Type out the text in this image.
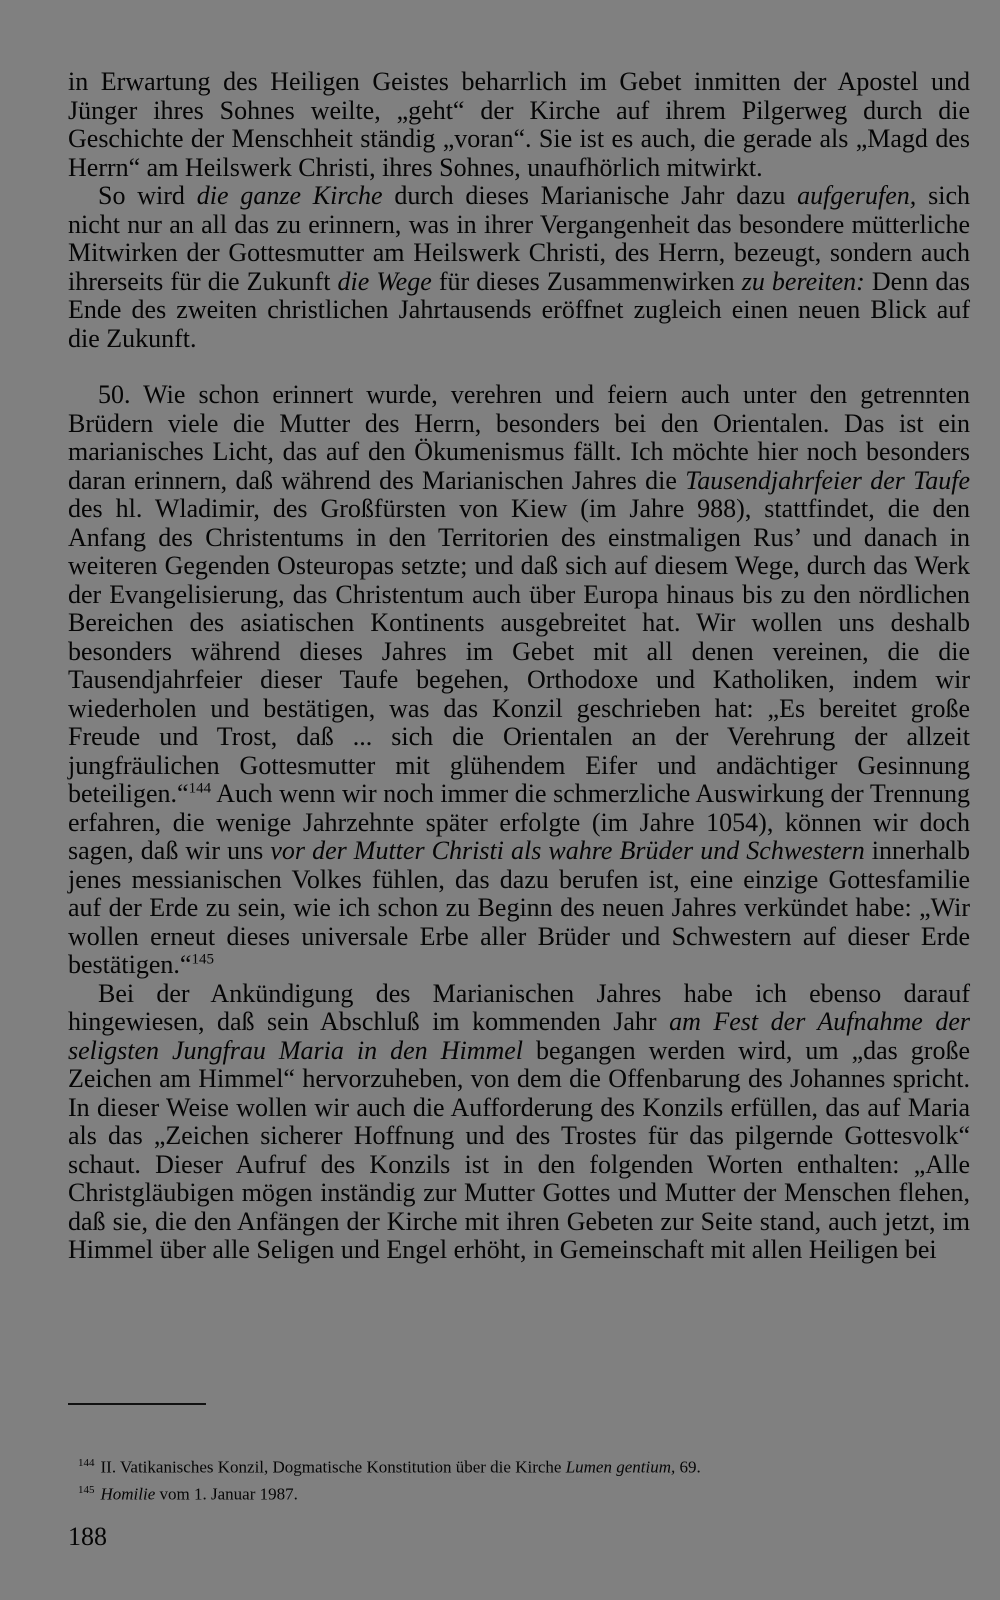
in Erwartung des Heiligen Geistes beharrlich im Gebet inmitten der Apostel und Jünger ihres Sohnes weilte, „geht“ der Kirche auf ihrem Pilgerweg durch die Geschichte der Menschheit ständig „voran“. Sie ist es auch, die gerade als „Magd des Herrn“ am Heilswerk Christi, ihres Sohnes, unaufhörlich mitwirkt.

So wird die ganze Kirche durch dieses Marianische Jahr dazu aufgerufen, sich nicht nur an all das zu erinnern, was in ihrer Vergangenheit das besondere mütterliche Mitwirken der Gottesmutter am Heilswerk Christi, des Herrn, bezeugt, sondern auch ihrerseits für die Zukunft die Wege für dieses Zusammenwirken zu bereiten: Denn das Ende des zweiten christlichen Jahrtausends eröffnet zugleich einen neuen Blick auf die Zukunft.

50. Wie schon erinnert wurde, verehren und feiern auch unter den getrennten Brüdern viele die Mutter des Herrn, besonders bei den Orientalen. Das ist ein marianisches Licht, das auf den Ökumenismus fällt. Ich möchte hier noch besonders daran erinnern, daß während des Marianischen Jahres die Tausendjahrfeier der Taufe des hl. Wladimir, des Großfürsten von Kiew (im Jahre 988), stattfindet, die den Anfang des Christentums in den Territorien des einstmaligen Rus’ und danach in weiteren Gegenden Osteuropas setzte; und daß sich auf diesem Wege, durch das Werk der Evangelisierung, das Christentum auch über Europa hinaus bis zu den nördlichen Bereichen des asiatischen Kontinents ausgebreitet hat. Wir wollen uns deshalb besonders während dieses Jahres im Gebet mit all denen vereinen, die die Tausendjahrfeier dieser Taufe begehen, Orthodoxe und Katholiken, indem wir wiederholen und bestätigen, was das Konzil geschrieben hat: „Es bereitet große Freude und Trost, daß ... sich die Orientalen an der Verehrung der allzeit jungfräulichen Gottesmutter mit glühendem Eifer und andächtiger Gesinnung beteiligen.“$^{144}$ Auch wenn wir noch immer die schmerzliche Auswirkung der Trennung erfahren, die wenige Jahrzehnte später erfolgte (im Jahre 1054), können wir doch sagen, daß wir uns vor der Mutter Christi als wahre Brüder und Schwestern innerhalb jenes messianischen Volkes fühlen, das dazu berufen ist, eine einzige Gottesfamilie auf der Erde zu sein, wie ich schon zu Beginn des neuen Jahres verkündet habe: „Wir wollen erneut dieses universale Erbe aller Brüder und Schwestern auf dieser Erde bestätigen.“$^{145}$

Bei der Ankündigung des Marianischen Jahres habe ich ebenso darauf hingewiesen, daß sein Abschluß im kommenden Jahr am Fest der Aufnahme der seligsten Jungfrau Maria in den Himmel begangen werden wird, um „das große Zeichen am Himmel“ hervorzuheben, von dem die Offenbarung des Johannes spricht. In dieser Weise wollen wir auch die Aufforderung des Konzils erfüllen, das auf Maria als das „Zeichen sicherer Hoffnung und des Trostes für das pilgernde Gottesvolk“ schaut. Dieser Aufruf des Konzils ist in den folgenden Worten enthalten: „Alle Christgläubigen mögen inständig zur Mutter Gottes und Mutter der Menschen flehen, daß sie, die den Anfängen der Kirche mit ihren Gebeten zur Seite stand, auch jetzt, im Himmel über alle Seligen und Engel erhöht, in Gemeinschaft mit allen Heiligen bei

$^{144}$ II. Vatikanisches Konzil, Dogmatische Konstitution über die Kirche Lumen gentium, 69.
$^{145}$ Homilie vom 1. Januar 1987.
188
